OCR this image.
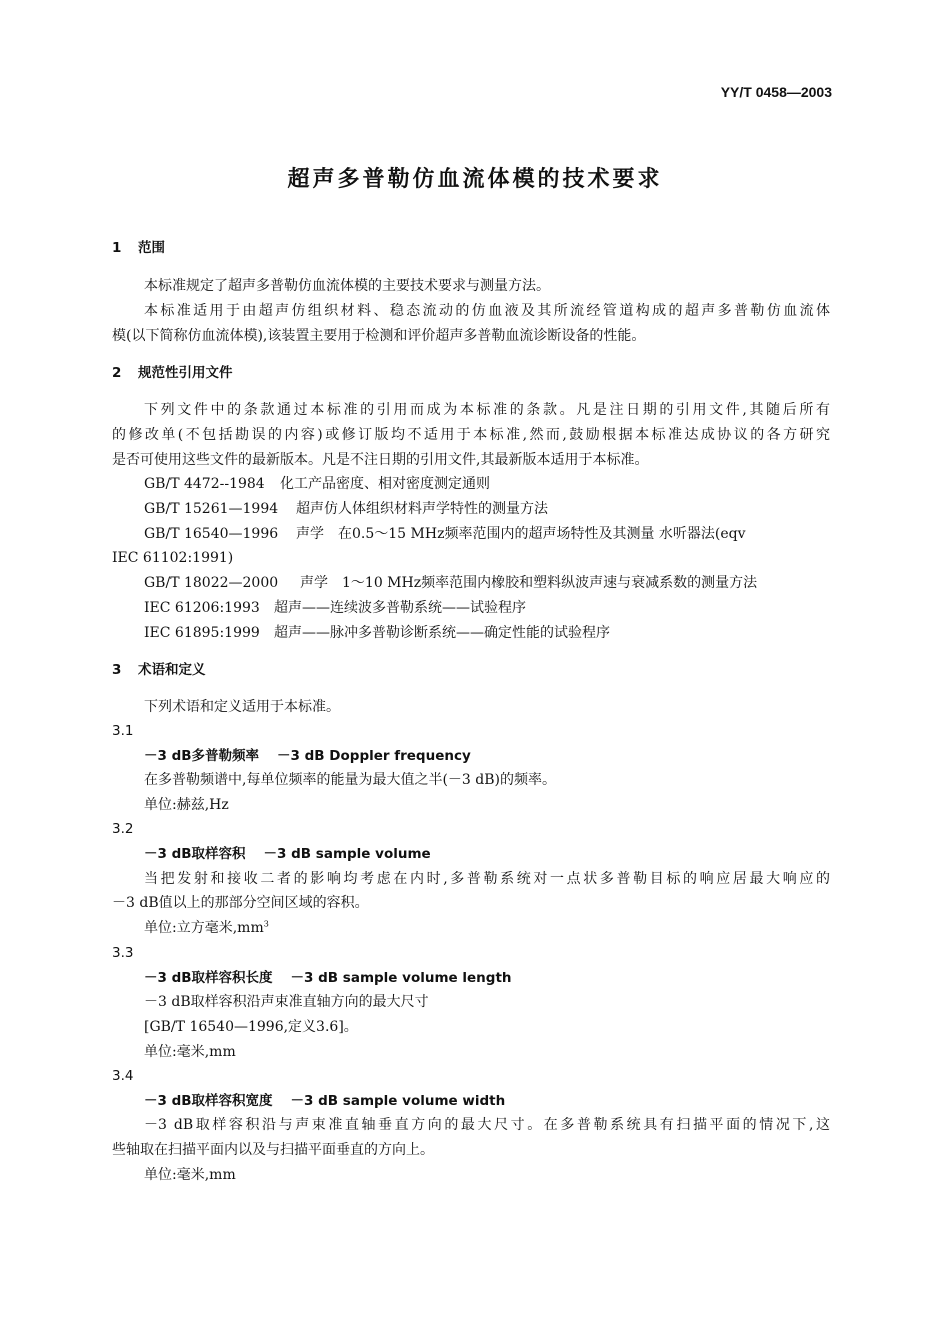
YY/T 0458—2003
超声多普勒仿血流体模的技术要求
1 范围
本标准规定了超声多普勒仿血流体模的主要技术要求与测量方法。
本标准适用于由超声仿组织材料、稳态流动的仿血液及其所流经管道构成的超声多普勒仿血流体
模(以下简称仿血流体模),该装置主要用于检测和评价超声多普勒血流诊断设备的性能。
2 规范性引用文件
下列文件中的条款通过本标准的引用而成为本标准的条款。凡是注日期的引用文件,其随后所有
的修改单(不包括勘误的内容)或修订版均不适用于本标准,然而,鼓励根据本标准达成协议的各方研究
是否可使用这些文件的最新版本。凡是不注日期的引用文件,其最新版本适用于本标准。
GB/T 4472--1984 化工产品密度、相对密度测定通则
GB/T 15261—1994 超声仿人体组织材料声学特性的测量方法
GB/T 16540—1996 声学　在0.5～15 MHz频率范围内的超声场特性及其测量 水听器法(eqv
IEC 61102:1991)
GB/T 18022—2000 声学　1～10 MHz频率范围内橡胶和塑料纵波声速与衰减系数的测量方法
IEC 61206:1993 超声——连续波多普勒系统——试验程序
IEC 61895:1999 超声——脉冲多普勒诊断系统——确定性能的试验程序
3 术语和定义
下列术语和定义适用于本标准。
3.1
－3 dB多普勒频率 －3 dB Doppler frequency
在多普勒频谱中,每单位频率的能量为最大值之半(－3 dB)的频率。
单位:赫兹,Hz
3.2
－3 dB取样容积 －3 dB sample volume
当把发射和接收二者的影响均考虑在内时,多普勒系统对一点状多普勒目标的响应居最大响应的
－3 dB值以上的那部分空间区域的容积。
单位:立方毫米$,mm^3$
3.3
－3 dB取样容积长度 －3 dB sample volume length
－3 dB取样容积沿声束准直轴方向的最大尺寸
[GB/T 16540—1996,定义3.6]。
单位:毫米,mm
3.4
－3 dB取样容积宽度 －3 dB sample volume width
－3 dB取样容积沿与声束准直轴垂直方向的最大尺寸。在多普勒系统具有扫描平面的情况下,这
些轴取在扫描平面内以及与扫描平面垂直的方向上。
单位:毫米,mm
